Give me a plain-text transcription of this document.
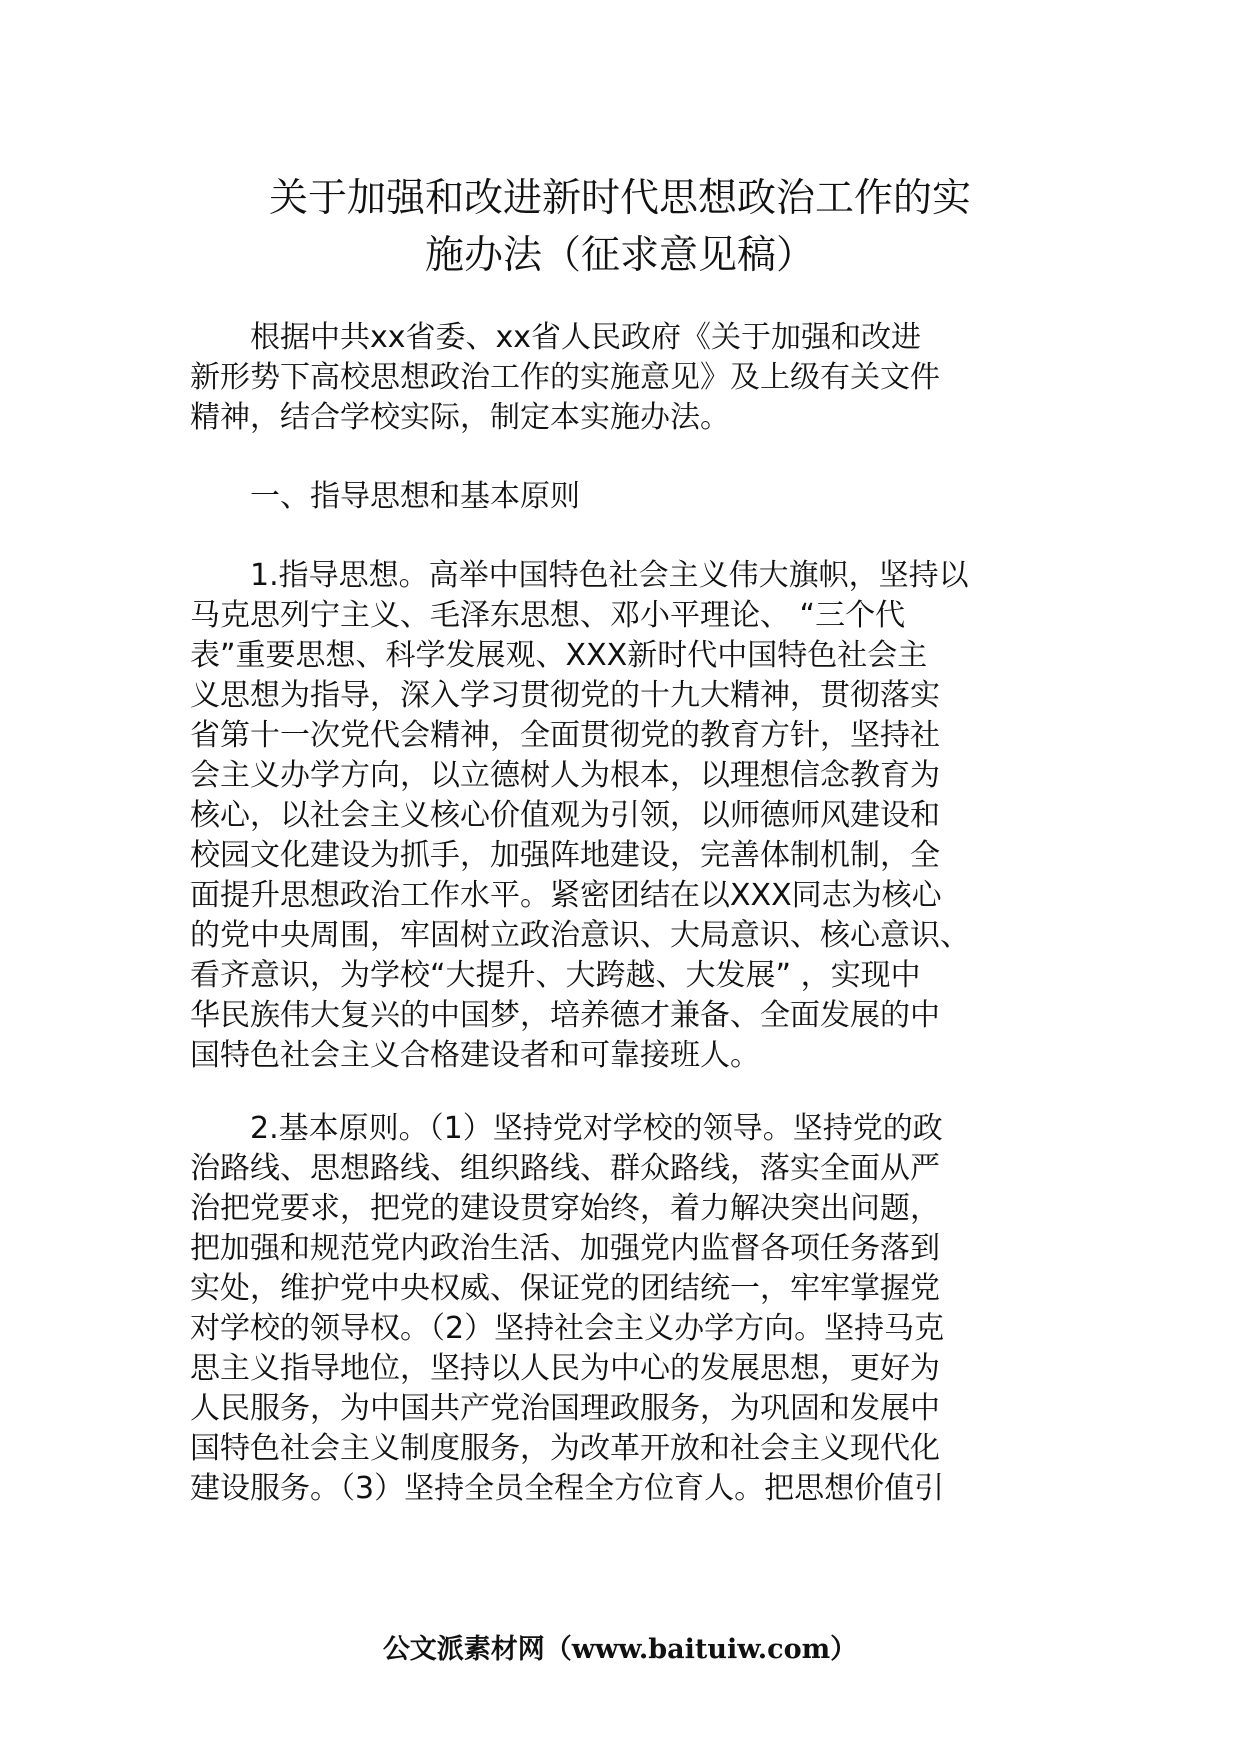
关于加强和改进新时代思想政治工作的实
施办法（征求意见稿）

　　根据中共xx省委、xx省人民政府《关于加强和改进

新形势下高校思想政治工作的实施意见》及上级有关文件

精神，结合学校实际，制定本实施办法。

　　一、指导思想和基本原则

　　1.指导思想。高举中国特色社会主义伟大旗帜，坚持以

马克思列宁主义、毛泽东思想、邓小平理论、 “三个代

表”重要思想、科学发展观、XXX新时代中国特色社会主

义思想为指导，深入学习贯彻党的十九大精神，贯彻落实

省第十一次党代会精神，全面贯彻党的教育方针，坚持社

会主义办学方向，以立德树人为根本，以理想信念教育为

核心，以社会主义核心价值观为引领，以师德师风建设和

校园文化建设为抓手，加强阵地建设，完善体制机制，全

面提升思想政治工作水平。紧密团结在以XXX同志为核心

的党中央周围，牢固树立政治意识、大局意识、核心意识、

看齐意识，为学校“大提升、大跨越、大发展” ，实现中

华民族伟大复兴的中国梦，培养德才兼备、全面发展的中

国特色社会主义合格建设者和可靠接班人。

　　2.基本原则。（1）坚持党对学校的领导。坚持党的政

治路线、思想路线、组织路线、群众路线，落实全面从严

治把党要求，把党的建设贯穿始终，着力解决突出问题，

把加强和规范党内政治生活、加强党内监督各项任务落到

实处，维护党中央权威、保证党的团结统一，牢牢掌握党

对学校的领导权。（2）坚持社会主义办学方向。坚持马克

思主义指导地位，坚持以人民为中心的发展思想，更好为

人民服务，为中国共产党治国理政服务，为巩固和发展中

国特色社会主义制度服务，为改革开放和社会主义现代化

建设服务。（3）坚持全员全程全方位育人。把思想价值引

公文派素材网（www.baituiw.com）
